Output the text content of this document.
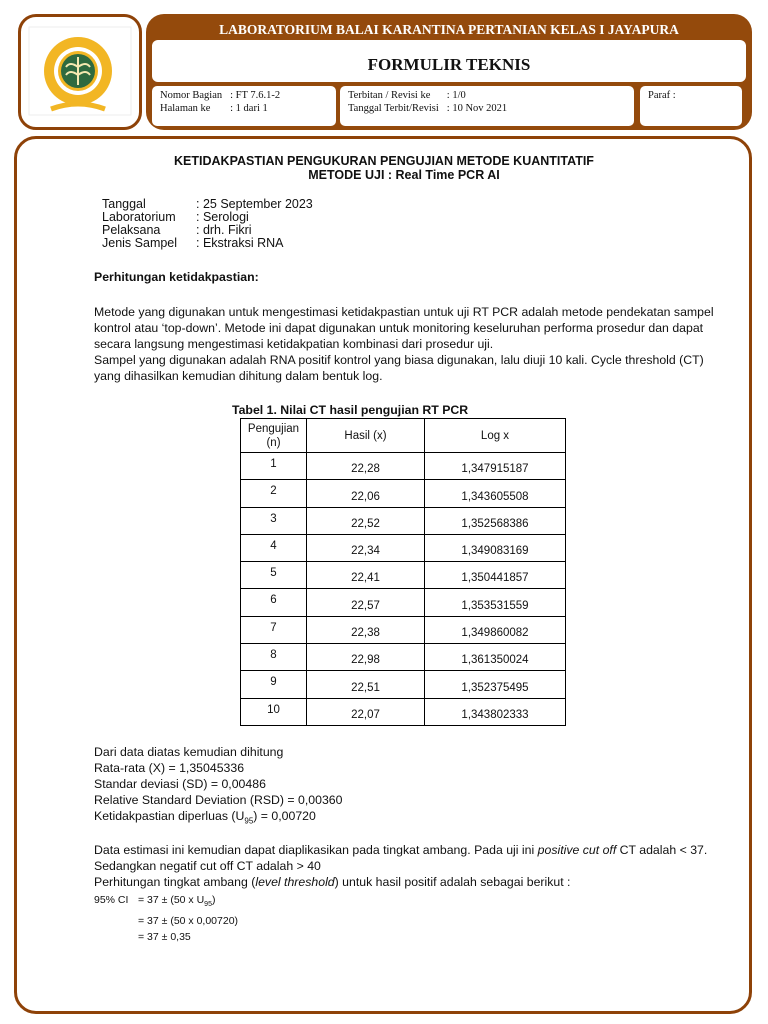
LABORATORIUM BALAI KARANTINA PERTANIAN KELAS I JAYAPURA
FORMULIR TEKNIS
Nomor Bagian	: FT 7.6.1-2
Halaman ke	: 1 dari 1
Terbitan / Revisi ke	: 1/0
Tanggal Terbit/Revisi	: 10 Nov 2021
Paraf :
KETIDAKPASTIAN PENGUKURAN PENGUJIAN METODE KUANTITATIF
METODE UJI : Real Time PCR AI
Tanggal	: 25 September 2023
Laboratorium	: Serologi
Pelaksana	: drh. Fikri
Jenis Sampel	: Ekstraksi RNA
Perhitungan ketidakpastian:
Metode yang digunakan untuk mengestimasi ketidakpastian untuk uji RT PCR adalah metode pendekatan sampel kontrol atau ‘top-down’. Metode ini dapat digunakan untuk monitoring keseluruhan performa prosedur dan dapat secara langsung mengestimasi ketidakpatian kombinasi dari prosedur uji.
Sampel yang digunakan adalah RNA positif kontrol yang biasa digunakan, lalu diuji 10 kali. Cycle threshold (CT) yang dihasilkan kemudian dihitung dalam bentuk log.
Tabel 1. Nilai CT hasil pengujian RT PCR
Pengujian (n)	Hasil (x)	Log x
1	22,28	1,347915187
2	22,06	1,343605508
3	22,52	1,352568386
4	22,34	1,349083169
5	22,41	1,350441857
6	22,57	1,353531559
7	22,38	1,349860082
8	22,98	1,361350024
9	22,51	1,352375495
10	22,07	1,343802333
Dari data diatas kemudian dihitung
Rata-rata (X) = 1,35045336
Standar deviasi (SD) = 0,00486
Relative Standard Deviation (RSD) = 0,00360
Ketidakpastian diperluas $(U_{95}) = 0,00720$
Data estimasi ini kemudian dapat diaplikasikan pada tingkat ambang. Pada uji ini positive cut off CT adalah < 37. Sedangkan negatif cut off CT adalah > 40
Perhitungan tingkat ambang (level threshold) untuk hasil positif adalah sebagai berikut :
95% CI = 37 ± (50 x $U_{95}$)
= 37 ± (50 x 0,00720)
= 37 ± 0,35
